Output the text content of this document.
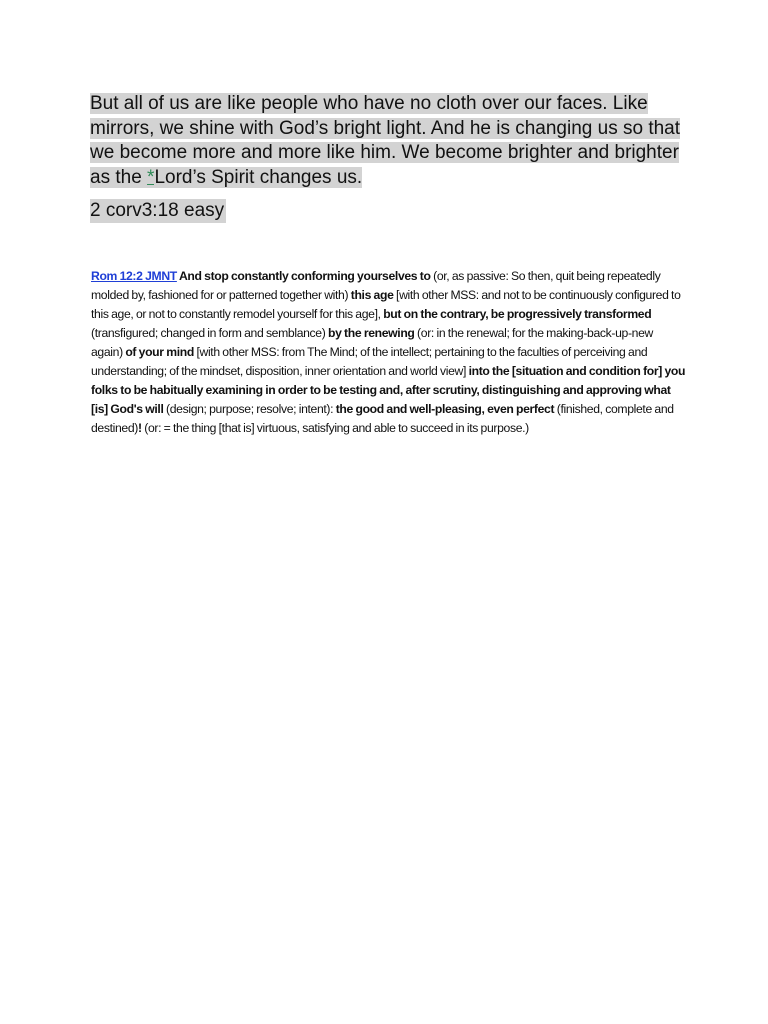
But all of us are like people who have no cloth over our faces. Like mirrors, we shine with God’s bright light. And he is changing us so that we become more and more like him. We become brighter and brighter as the *Lord’s Spirit changes us.
2 corv3:18 easy
Rom 12:2 JMNT And stop constantly conforming yourselves to (or, as passive: So then, quit being repeatedly molded by, fashioned for or patterned together with) this age [with other MSS: and not to be continuously configured to this age, or not to constantly remodel yourself for this age], but on the contrary, be progressively transformed (transfigured; changed in form and semblance) by the renewing (or: in the renewal; for the making-back-up-new again) of your mind [with other MSS: from The Mind; of the intellect; pertaining to the faculties of perceiving and understanding; of the mindset, disposition, inner orientation and world view] into the [situation and condition for] you folks to be habitually examining in order to be testing and, after scrutiny, distinguishing and approving what [is] God's will (design; purpose; resolve; intent): the good and well-pleasing, even perfect (finished, complete and destined)! (or: = the thing [that is] virtuous, satisfying and able to succeed in its purpose.)
